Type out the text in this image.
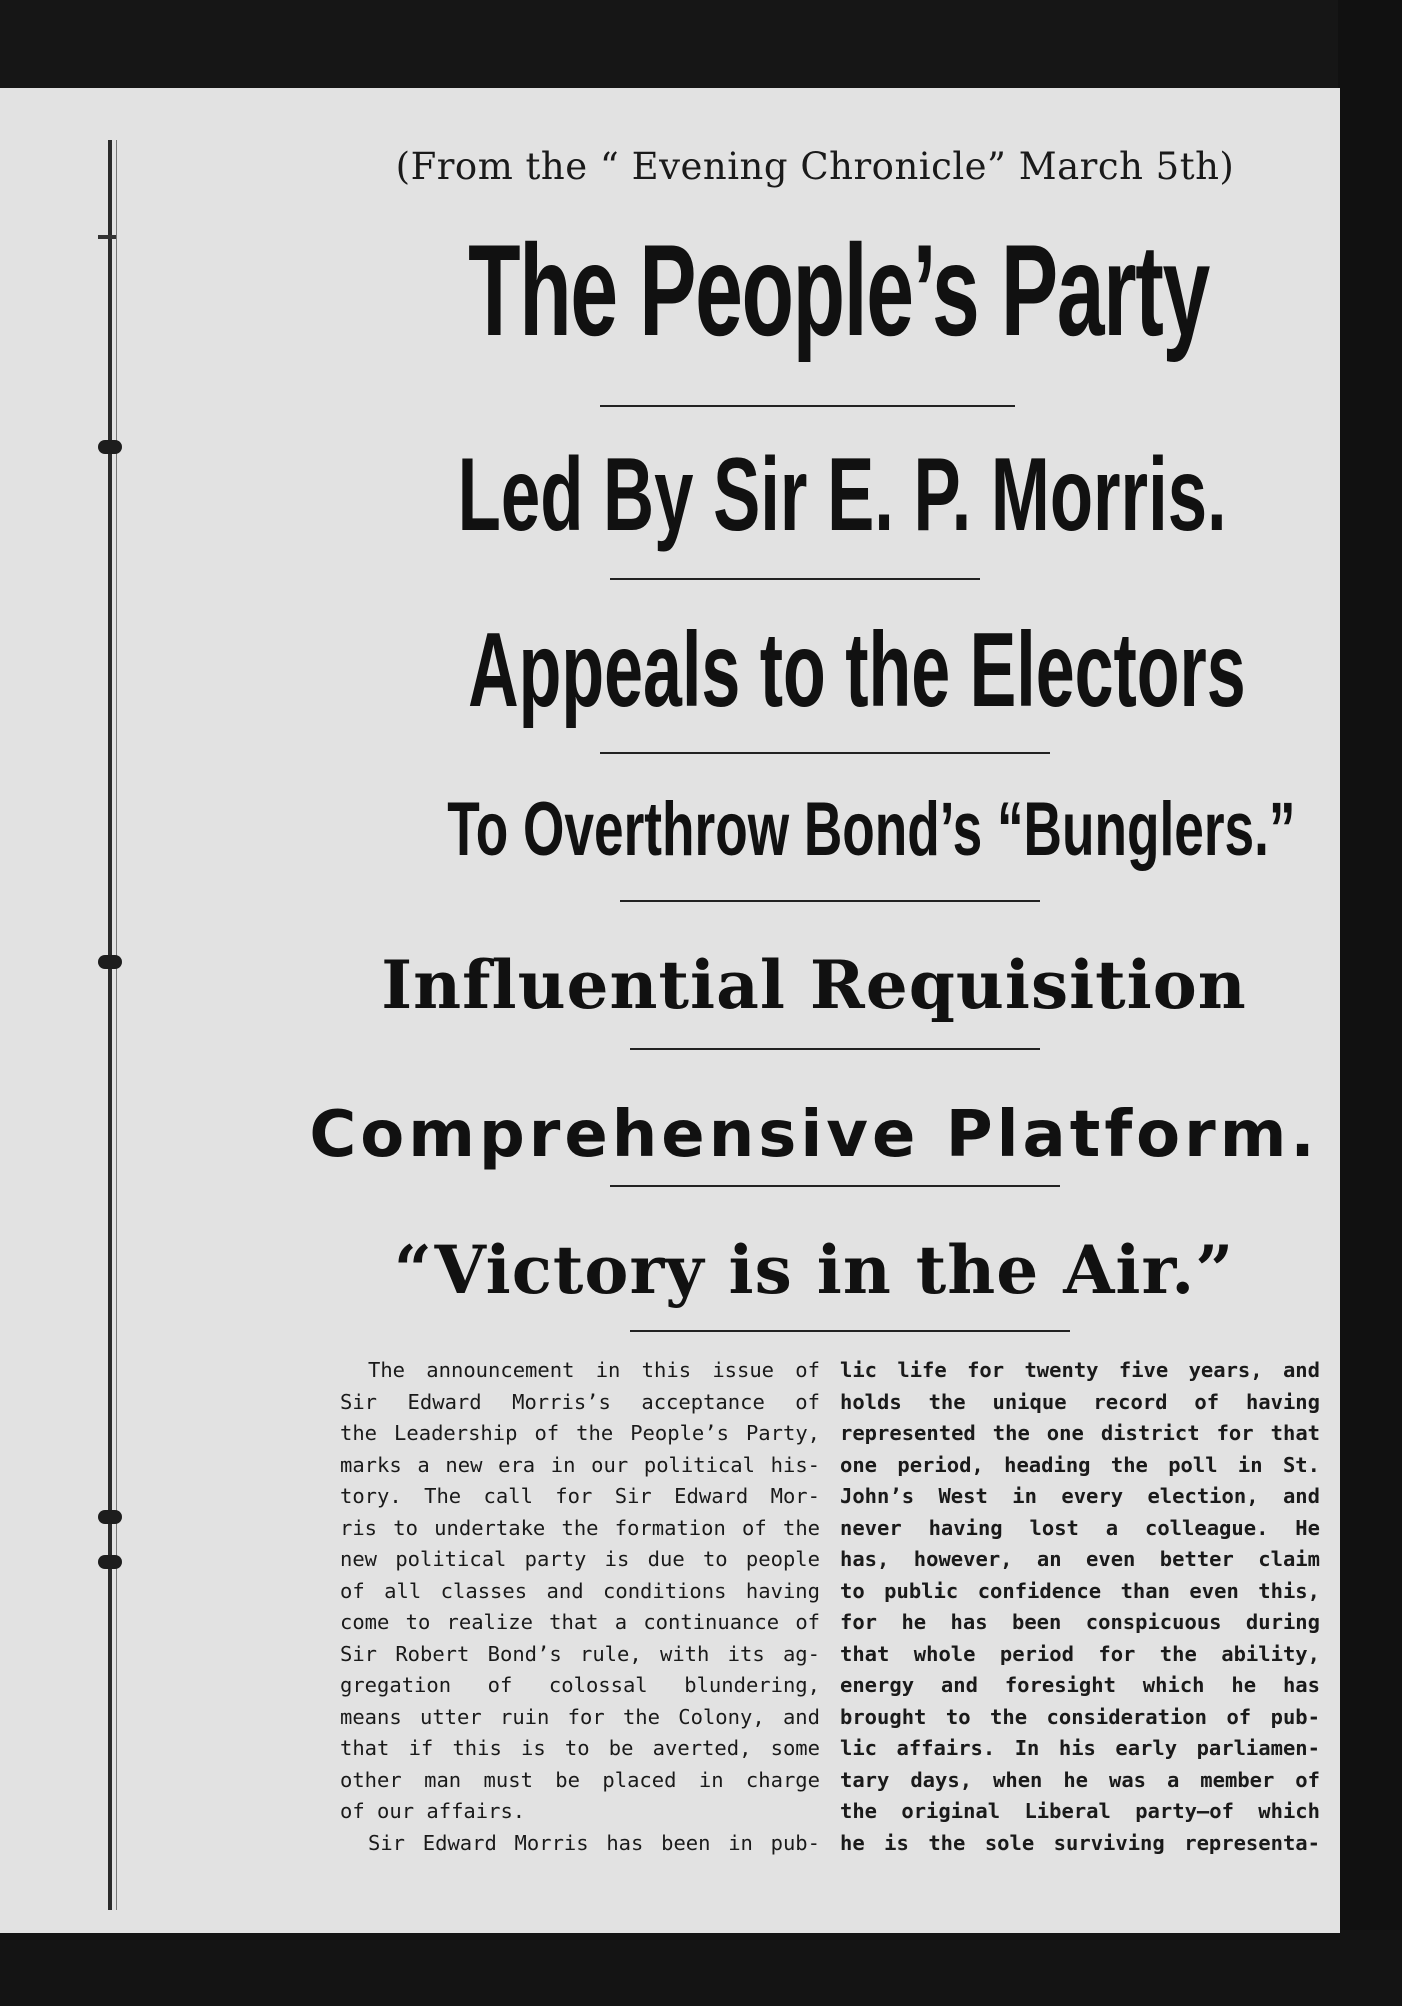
(From the “ Evening Chronicle” March 5th)
The People’s Party
Led By Sir E. P. Morris.
Appeals to the Electors
To Overthrow Bond’s “Bunglers.”
Influential Requisition
Comprehensive Platform.
“Victory is in the Air.”
The announcement in this issue of
Sir Edward Morris’s acceptance of
the Leadership of the People’s Party,
marks a new era in our political his-
tory. The call for Sir Edward Mor-
ris to undertake the formation of the
new political party is due to people
of all classes and conditions having
come to realize that a continuance of
Sir Robert Bond’s rule, with its ag-
gregation of colossal blundering,
means utter ruin for the Colony, and
that if this is to be averted, some
other man must be placed in charge
of our affairs.
Sir Edward Morris has been in pub-
lic life for twenty five years, and
holds the unique record of having
represented the one district for that
one period, heading the poll in St.
John’s West in every election, and
never having lost a colleague. He
has, however, an even better claim
to public confidence than even this,
for he has been conspicuous during
that whole period for the ability,
energy and foresight which he has
brought to the consideration of pub-
lic affairs. In his early parliamen-
tary days, when he was a member of
the original Liberal party—of which
he is the sole surviving representa-
